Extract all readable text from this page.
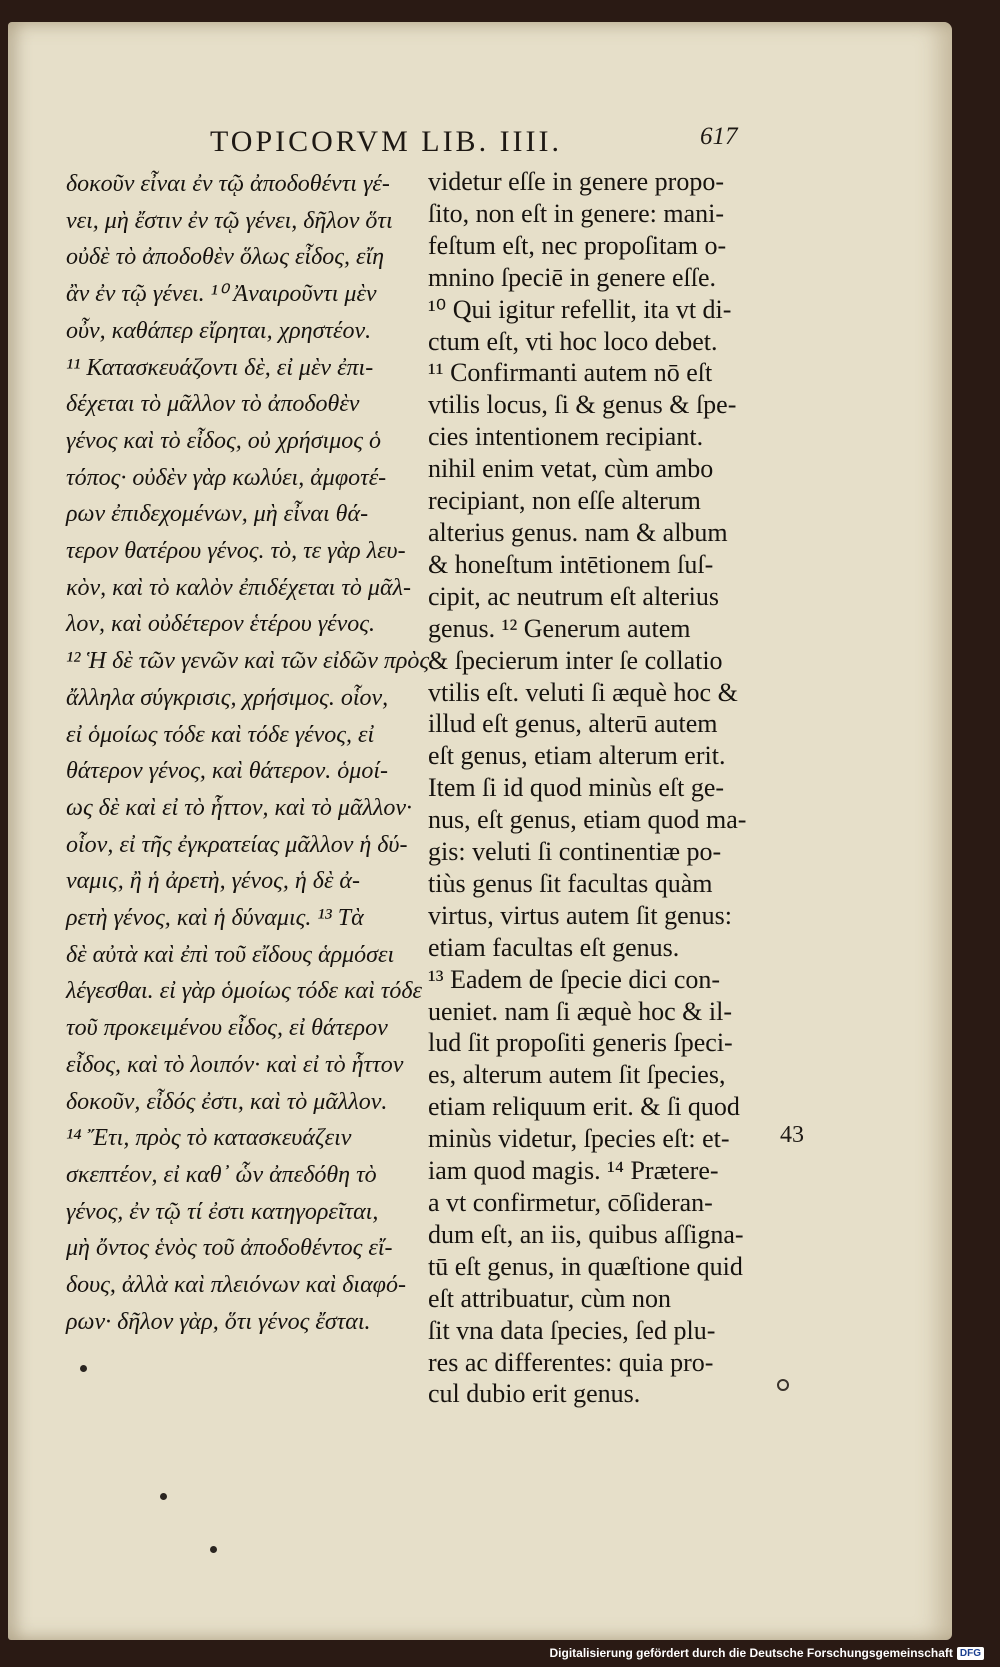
TOPICORVM LIB. IIII.	617
δοκοῦν εἶναι ἐν τῷ ἀποδοθέντι γέ-
νει, μὴ ἔστιν ἐν τῷ γένει, δῆλον ὅτι
οὐδὲ τὸ ἀποδοθὲν ὅλως εἶδος, εἴη
ἂν ἐν τῷ γένει. ¹⁰ Ἀναιροῦντι μὲν
οὖν, καθάπερ εἴρηται, χρηστέον.
¹¹ Κατασκευάζοντι δὲ, εἰ μὲν ἐπι-
δέχεται τὸ μᾶλλον τὸ ἀποδοθὲν
γένος καὶ τὸ εἶδος, οὐ χρήσιμος ὁ
τόπος· οὐδὲν γὰρ κωλύει, ἀμφοτέ-
ρων ἐπιδεχομένων, μὴ εἶναι θά-
τερον θατέρου γένος. τὸ, τε γὰρ λευ-
κὸν, καὶ τὸ καλὸν ἐπιδέχεται τὸ μᾶλ-
λον, καὶ οὐδέτερον ἑτέρου γένος.
¹² Ἡ δὲ τῶν γενῶν καὶ τῶν εἰδῶν πρὸς
ἄλληλα σύγκρισις, χρήσιμος. οἷον,
εἰ ὁμοίως τόδε καὶ τόδε γένος, εἰ
θάτερον γένος, καὶ θάτερον. ὁμοί-
ως δὲ καὶ εἰ τὸ ἧττον, καὶ τὸ μᾶλλον·
οἷον, εἰ τῆς ἐγκρατείας μᾶλλον ἡ δύ-
ναμις, ἢ ἡ ἀρετὴ, γένος, ἡ δὲ ἀ-
ρετὴ γένος, καὶ ἡ δύναμις. ¹³ Τὰ
δὲ αὐτὰ καὶ ἐπὶ τοῦ εἴδους ἁρμόσει
λέγεσθαι. εἰ γὰρ ὁμοίως τόδε καὶ τόδε
τοῦ προκειμένου εἶδος, εἰ θάτερον
εἶδος, καὶ τὸ λοιπόν· καὶ εἰ τὸ ἧττον
δοκοῦν, εἶδός ἐστι, καὶ τὸ μᾶλλον.
¹⁴ Ἔτι, πρὸς τὸ κατασκευάζειν
σκεπτέον, εἰ καθ᾽ ὧν ἀπεδόθη τὸ
γένος, ἐν τῷ τί ἐστι κατηγορεῖται,
μὴ ὄντος ἑνὸς τοῦ ἀποδοθέντος εἴ-
δους, ἀλλὰ καὶ πλειόνων καὶ διαφό-
ρων· δῆλον γὰρ, ὅτι γένος ἔσται.
videtur eſſe in genere propo-
ſito, non eſt in genere: mani-
feſtum eſt, nec propoſitam o-
mnino ſpeciē in genere eſſe.
¹⁰ Qui igitur refellit, ita vt di-
ctum eſt, vti hoc loco debet.
¹¹ Confirmanti autem nō eſt
vtilis locus, ſi & genus & ſpe-
cies intentionem recipiant.
nihil enim vetat, cùm ambo
recipiant, non eſſe alterum
alterius genus. nam & album
& honeſtum intētionem ſuſ-
cipit, ac neutrum eſt alterius
genus. ¹² Generum autem
& ſpecierum inter ſe collatio
vtilis eſt. veluti ſi æquè hoc &
illud eſt genus, alterū autem
eſt genus, etiam alterum erit.
Item ſi id quod minùs eſt ge-
nus, eſt genus, etiam quod ma-
gis: veluti ſi continentiæ po-
tiùs genus ſit facultas quàm
virtus, virtus autem ſit genus:
etiam facultas eſt genus.
¹³ Eadem de ſpecie dici con-
ueniet. nam ſi æquè hoc & il-
lud ſit propoſiti generis ſpeci-
es, alterum autem ſit ſpecies,
etiam reliquum erit. & ſi quod
minùs videtur, ſpecies eſt: et-
iam quod magis. ¹⁴ Prætere-
a vt confirmetur, cōſideran-
dum eſt, an iis, quibus aſſigna-
tū eſt genus, in quæſtione quid
eſt attribuatur, cùm non
ſit vna data ſpecies, ſed plu-
res ac differentes: quia pro-
cul dubio erit genus.
43
Digitalisierung gefördert durch die Deutsche Forschungsgemeinschaft DFG
